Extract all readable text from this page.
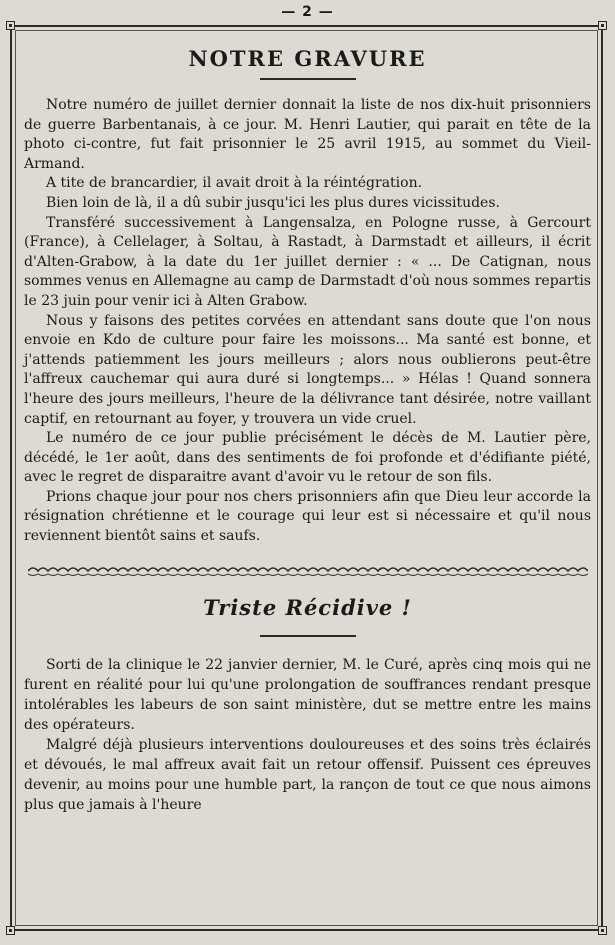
— 2 —
NOTRE GRAVURE

Notre numéro de juillet dernier donnait la liste de nos dix-huit prisonniers de guerre Barbentanais, à ce jour. M. Henri Lautier, qui parait en tête de la photo ci-contre, fut fait prisonnier le 25 avril 1915, au sommet du Vieil-Armand.

A tite de brancardier, il avait droit à la réintégration.

Bien loin de là, il a dû subir jusqu'ici les plus dures vicissitudes.

Transféré successivement à Langensalza, en Pologne russe, à Gercourt (France), à Cellelager, à Soltau, à Rastadt, à Darmstadt et ailleurs, il écrit d'Alten-Grabow, à la date du 1er juillet dernier : « ... De Catignan, nous sommes venus en Allemagne au camp de Darmstadt d'où nous sommes repartis le 23 juin pour venir ici à Alten Grabow.

Nous y faisons des petites corvées en attendant sans doute que l'on nous envoie en Kdo de culture pour faire les moissons... Ma santé est bonne, et j'attends patiemment les jours meilleurs ; alors nous oublierons peut-être l'affreux cauchemar qui aura duré si longtemps... » Hélas ! Quand sonnera l'heure des jours meilleurs, l'heure de la délivrance tant désirée, notre vaillant captif, en retournant au foyer, y trouvera un vide cruel.

Le numéro de ce jour publie précisément le décès de M. Lautier père, décédé, le 1er août, dans des sentiments de foi profonde et d'édifiante piété, avec le regret de disparaitre avant d'avoir vu le retour de son fils.

Prions chaque jour pour nos chers prisonniers afin que Dieu leur accorde la résignation chrétienne et le courage qui leur est si nécessaire et qu'il nous reviennent bientôt sains et saufs.

Triste Récidive !

Sorti de la clinique le 22 janvier dernier, M. le Curé, après cinq mois qui ne furent en réalité pour lui qu'une prolongation de souffrances rendant presque intolérables les labeurs de son saint ministère, dut se mettre entre les mains des opérateurs.

Malgré déjà plusieurs interventions douloureuses et des soins très éclairés et dévoués, le mal affreux avait fait un retour offensif. Puissent ces épreuves devenir, au moins pour une humble part, la rançon de tout ce que nous aimons plus que jamais à l'heure
